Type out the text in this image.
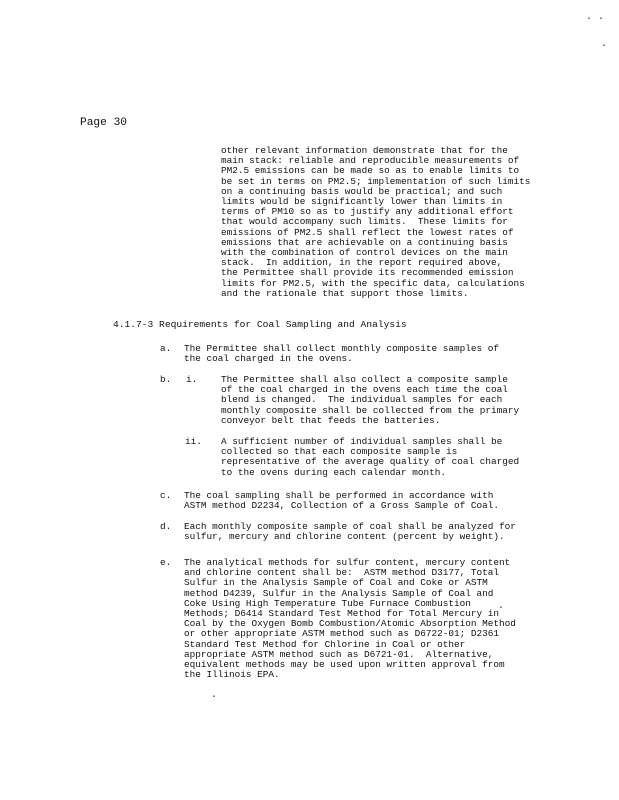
· ·
·
·
·
Page 30
other relevant information demonstrate that for the
main stack: reliable and reproducible measurements of
PM2.5 emissions can be made so as to enable limits to
be set in terms on PM2.5; implementation of such limits
on a continuing basis would be practical; and such
limits would be significantly lower than limits in
terms of PM10 so as to justify any additional effort
that would accompany such limits.  These limits for
emissions of PM2.5 shall reflect the lowest rates of
emissions that are achievable on a continuing basis
with the combination of control devices on the main
stack.  In addition, in the report required above,
the Permittee shall provide its recommended emission
limits for PM2.5, with the specific data, calculations
and the rationale that support those limits.
4.1.7-3 Requirements for Coal Sampling and Analysis
a. The Permittee shall collect monthly composite samples of
the coal charged in the ovens.
b. i.	The Permittee shall also collect a composite sample
of the coal charged in the ovens each time the coal
blend is changed.  The individual samples for each
monthly composite shall be collected from the primary
conveyor belt that feeds the batteries.
ii. A sufficient number of individual samples shall be
collected so that each composite sample is
representative of the average quality of coal charged
to the ovens during each calendar month.
c. The coal sampling shall be performed in accordance with
ASTM method D2234, Collection of a Gross Sample of Coal.
d. Each monthly composite sample of coal shall be analyzed for
sulfur, mercury and chlorine content (percent by weight).
e. The analytical methods for sulfur content, mercury content
and chlorine content shall be:  ASTM method D3177, Total
Sulfur in the Analysis Sample of Coal and Coke or ASTM
method D4239, Sulfur in the Analysis Sample of Coal and
Coke Using High Temperature Tube Furnace Combustion
Methods; D6414 Standard Test Method for Total Mercury in
Coal by the Oxygen Bomb Combustion/Atomic Absorption Method
or other appropriate ASTM method such as D6722-01; D2361
Standard Test Method for Chlorine in Coal or other
appropriate ASTM method such as D6721-01.  Alternative,
equivalent methods may be used upon written approval from
the Illinois EPA.
